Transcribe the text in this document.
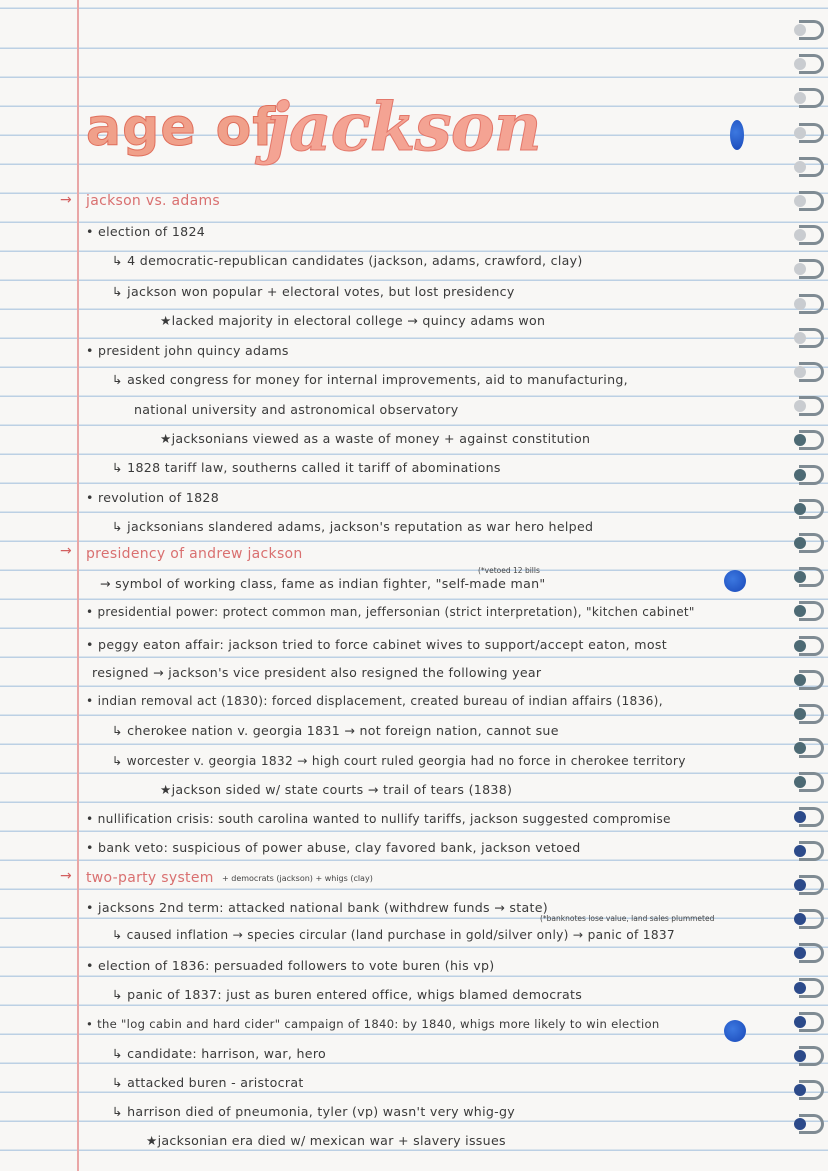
age of
jackson
→
→
→
jackson vs. adams
• election of 1824
↳ 4 democratic-republican candidates (jackson, adams, crawford, clay)
↳ jackson won popular + electoral votes, but lost presidency
★lacked majority in electoral college → quincy adams won
• president john quincy adams
↳ asked congress for money for internal improvements, aid to manufacturing,
national university and astronomical observatory
★jacksonians viewed as a waste of money + against constitution
↳ 1828 tariff law, southerns called it tariff of abominations
• revolution of 1828
↳ jacksonians slandered adams, jackson's reputation as war hero helped
presidency of andrew jackson
→ symbol of working class, fame as indian fighter, "self-made man"
(*vetoed 12 bills
• presidential power: protect common man, jeffersonian (strict interpretation), "kitchen cabinet"
• peggy eaton affair: jackson tried to force cabinet wives to support/accept eaton, most
resigned → jackson's vice president also resigned the following year
• indian removal act (1830): forced displacement, created bureau of indian affairs (1836),
↳ cherokee nation v. georgia 1831 → not foreign nation, cannot sue
↳ worcester v. georgia 1832 → high court ruled georgia had no force in cherokee territory
★jackson sided w/ state courts → trail of tears (1838)
• nullification crisis: south carolina wanted to nullify tariffs, jackson suggested compromise
• bank veto: suspicious of power abuse, clay favored bank, jackson vetoed
two-party system + democrats (jackson) + whigs (clay)
• jacksons 2nd term: attacked national bank (withdrew funds → state)
(*banknotes lose value, land sales plummeted
↳ caused inflation → species circular (land purchase in gold/silver only) → panic of 1837
• election of 1836: persuaded followers to vote buren (his vp)
↳ panic of 1837: just as buren entered office, whigs blamed democrats
• the "log cabin and hard cider" campaign of 1840: by 1840, whigs more likely to win election
↳ candidate: harrison, war, hero
↳ attacked buren - aristocrat
↳ harrison died of pneumonia, tyler (vp) wasn't very whig-gy
★jacksonian era died w/ mexican war + slavery issues
